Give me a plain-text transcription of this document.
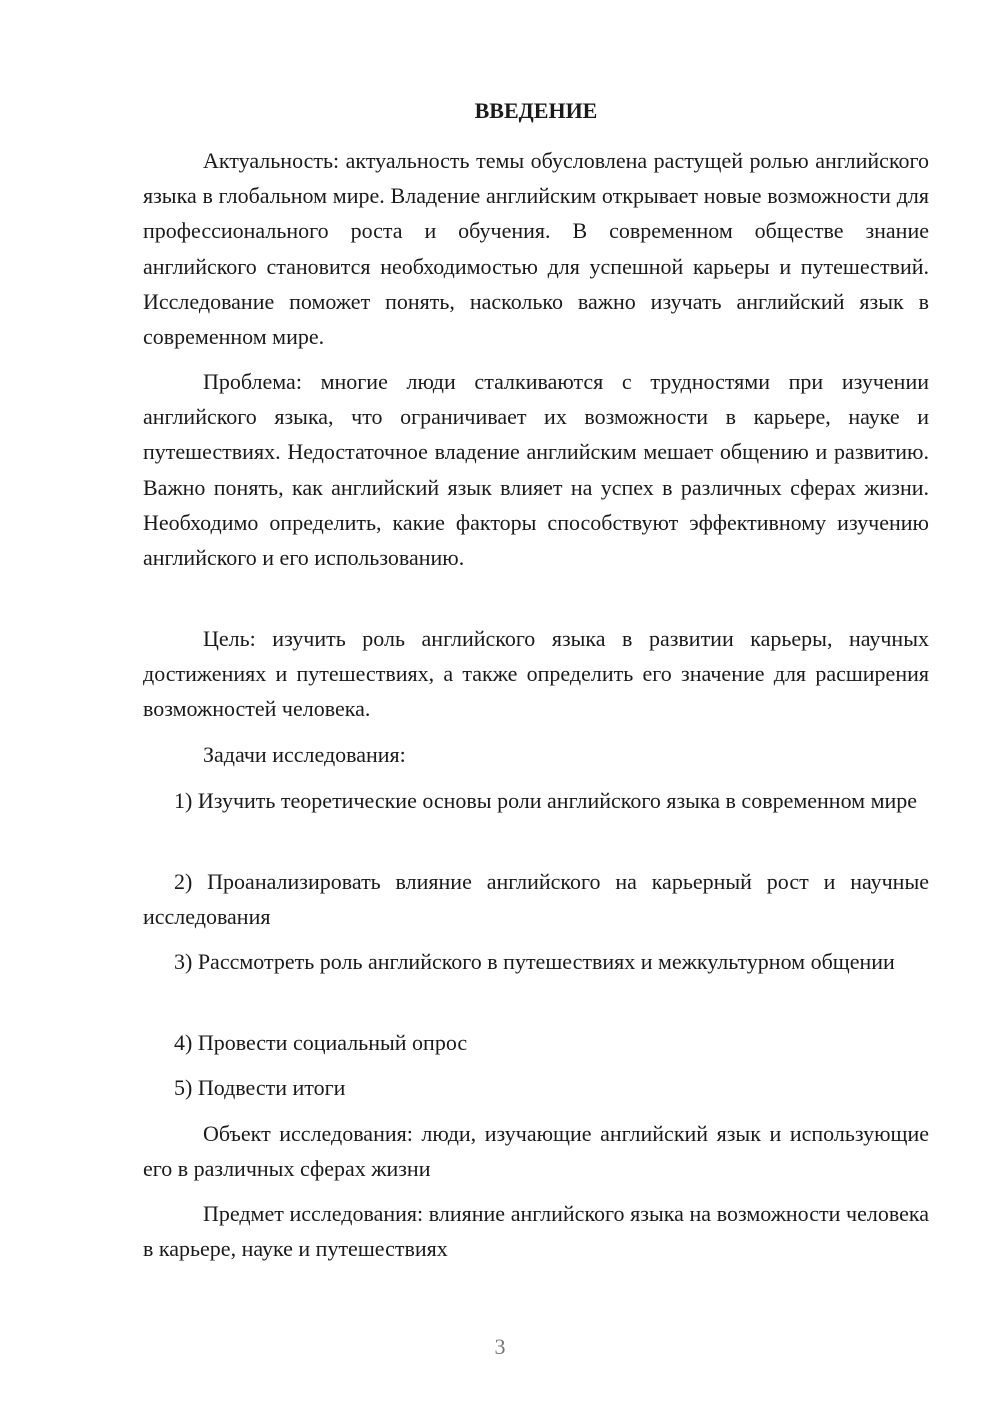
ВВЕДЕНИЕ

Актуальность: актуальность темы обусловлена растущей ролью английского языка в глобальном мире. Владение английским открывает новые возможности для профессионального роста и обучения. В современном обществе знание английского становится необходимостью для успешной карьеры и путешествий. Исследование поможет понять, насколько важно изучать английский язык в современном мире.

Проблема: многие люди сталкиваются с трудностями при изучении английского языка, что ограничивает их возможности в карьере, науке и путешествиях. Недостаточное владение английским мешает общению и развитию. Важно понять, как английский язык влияет на успех в различных сферах жизни. Необходимо определить, какие факторы способствуют эффективному изучению английского и его использованию.

Цель: изучить роль английского языка в развитии карьеры, научных достижениях и путешествиях, а также определить его значение для расширения возможностей человека.

Задачи исследования:

1) Изучить теоретические основы роли английского языка в современном мире

2) Проанализировать влияние английского на карьерный рост и научные исследования

3) Рассмотреть роль английского в путешествиях и межкультурном общении

4) Провести социальный опрос

5) Подвести итоги

Объект исследования: люди, изучающие английский язык и использующие его в различных сферах жизни

Предмет исследования: влияние английского языка на возможности человека в карьере, науке и путешествиях

3
